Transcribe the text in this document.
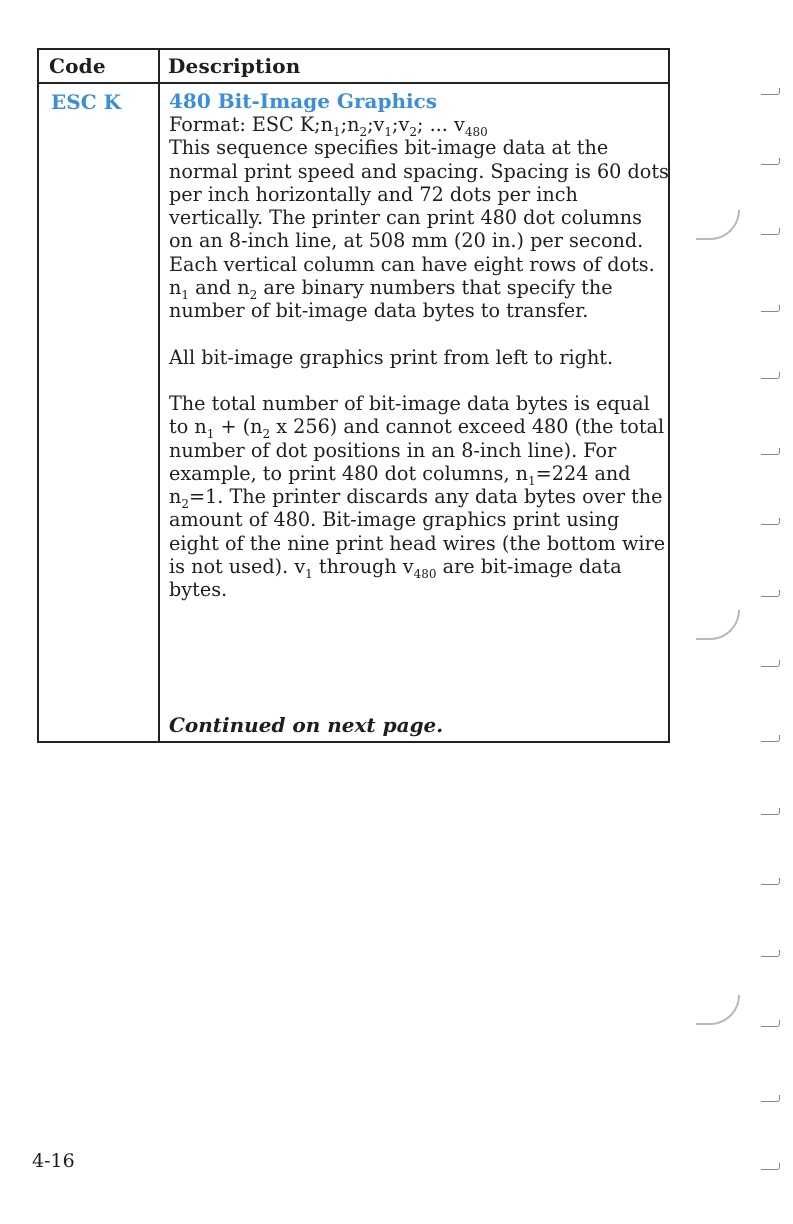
Code	Description
ESC K 480 Bit-Image Graphics

Format: ESC $K;n_1;n_2;v_1;v_2$; ... $v_{480}$

This sequence specifies bit-image data at the normal print speed and spacing. Spacing is 60 dots per inch horizontally and 72 dots per inch vertically. The printer can print 480 dot columns on an 8-inch line, at 508 mm (20 in.) per second. Each vertical column can have eight rows of dots.

$n_1$ and $n_2$ are binary numbers that specify the number of bit-image data bytes to transfer.

All bit-image graphics print from left to right.

The total number of bit-image data bytes is equal to $n_1 + (n_2$ x 256) and cannot exceed 480 (the total number of dot positions in an 8-inch line). For example, to print 480 dot columns, $n_1=224$ and $n_2=1$. The printer discards any data bytes over the amount of 480. Bit-image graphics print using eight of the nine print head wires (the bottom wire is not used). $v_1$ through $v_{480}$ are bit-image data bytes.

Continued on next page.
4-16
